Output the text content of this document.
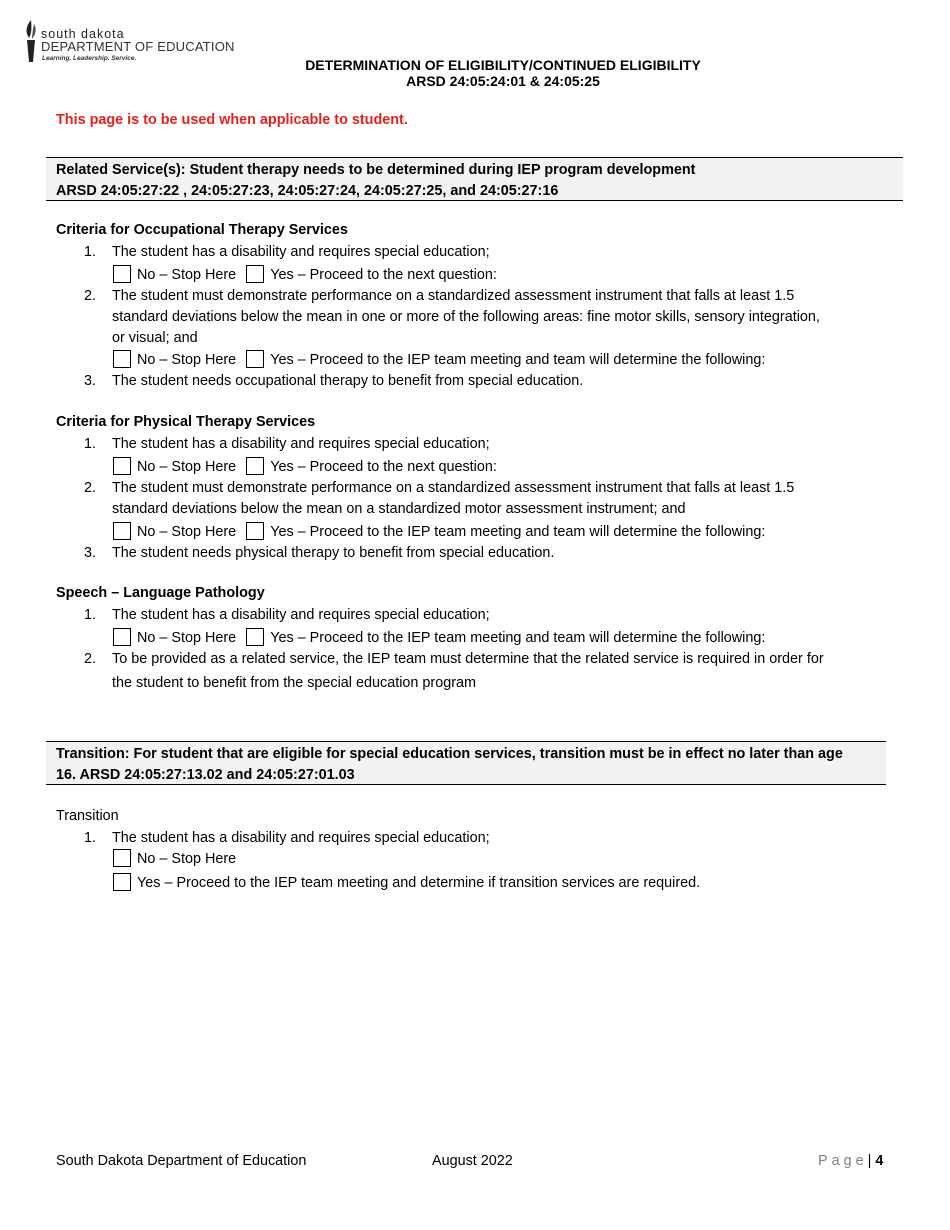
south dakota
DEPARTMENT OF EDUCATION
Learning. Leadership. Service.	DETERMINATION OF ELIGIBILITY/CONTINUED ELIGIBILITY
ARSD 24:05:24:01 & 24:05:25
This page is to be used when applicable to student.
Related Service(s): Student therapy needs to be determined during IEP program development
ARSD 24:05:27:22 , 24:05:27:23, 24:05:27:24, 24:05:27:25, and 24:05:27:16
Criteria for Occupational Therapy Services
1. The student has a disability and requires special education;
No – Stop Here Yes – Proceed to the next question:
2. The student must demonstrate performance on a standardized assessment instrument that falls at least 1.5
standard deviations below the mean in one or more of the following areas: fine motor skills, sensory integration,
or visual; and
No – Stop Here Yes – Proceed to the IEP team meeting and team will determine the following:
3. The student needs occupational therapy to benefit from special education.
Criteria for Physical Therapy Services
1. The student has a disability and requires special education;
No – Stop Here Yes – Proceed to the next question:
2. The student must demonstrate performance on a standardized assessment instrument that falls at least 1.5
standard deviations below the mean on a standardized motor assessment instrument; and
No – Stop Here Yes – Proceed to the IEP team meeting and team will determine the following:
3. The student needs physical therapy to benefit from special education.
Speech – Language Pathology
1. The student has a disability and requires special education;
No – Stop Here Yes – Proceed to the IEP team meeting and team will determine the following:
2. To be provided as a related service, the IEP team must determine that the related service is required in order for
the student to benefit from the special education program
Transition: For student that are eligible for special education services, transition must be in effect no later than age
16. ARSD 24:05:27:13.02 and 24:05:27:01.03
Transition
1. The student has a disability and requires special education;
No – Stop Here
Yes – Proceed to the IEP team meeting and determine if transition services are required.
South Dakota Department of Education	August 2022	Page| 4
